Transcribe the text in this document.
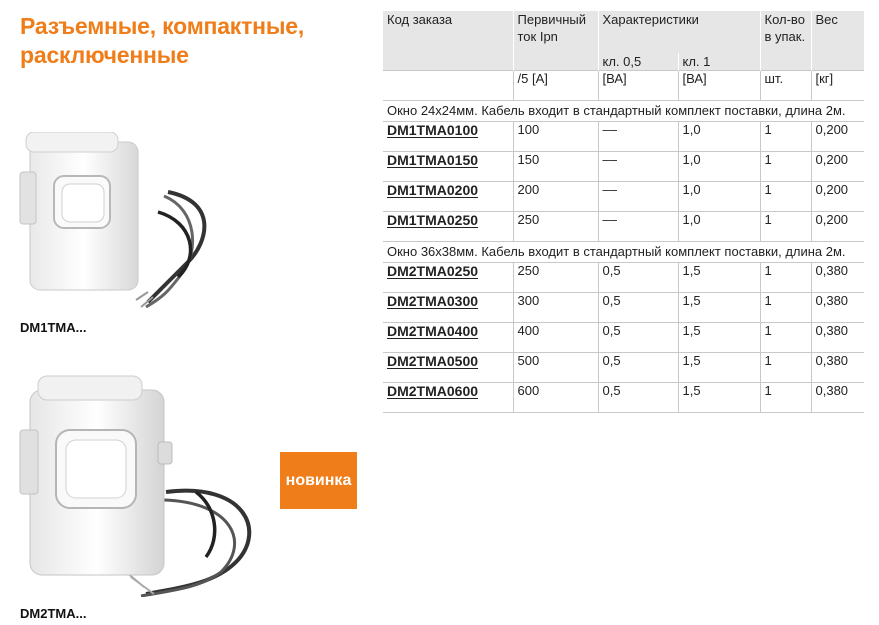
Разъемные, компактные, расключенные
DM1TMA...
DM2TMA...
новинка
Код заказа	Первичный ток Ipn	Характеристики		Кол-во в упак.	Вес
		кл. 0,5	кл. 1		
	/5 [A]	[ВА]	[ВА]	шт.	[кг]
Окно 24x24мм. Кабель входит в стандартный комплект поставки, длина 2м.					
DM1TMA0100	100	––	1,0	1	0,200
DM1TMA0150	150	––	1,0	1	0,200
DM1TMA0200	200	––	1,0	1	0,200
DM1TMA0250	250	––	1,0	1	0,200
Окно 36x38мм. Кабель входит в стандартный комплект поставки, длина 2м.					
DM2TMA0250	250	0,5	1,5	1	0,380
DM2TMA0300	300	0,5	1,5	1	0,380
DM2TMA0400	400	0,5	1,5	1	0,380
DM2TMA0500	500	0,5	1,5	1	0,380
DM2TMA0600	600	0,5	1,5	1	0,380
